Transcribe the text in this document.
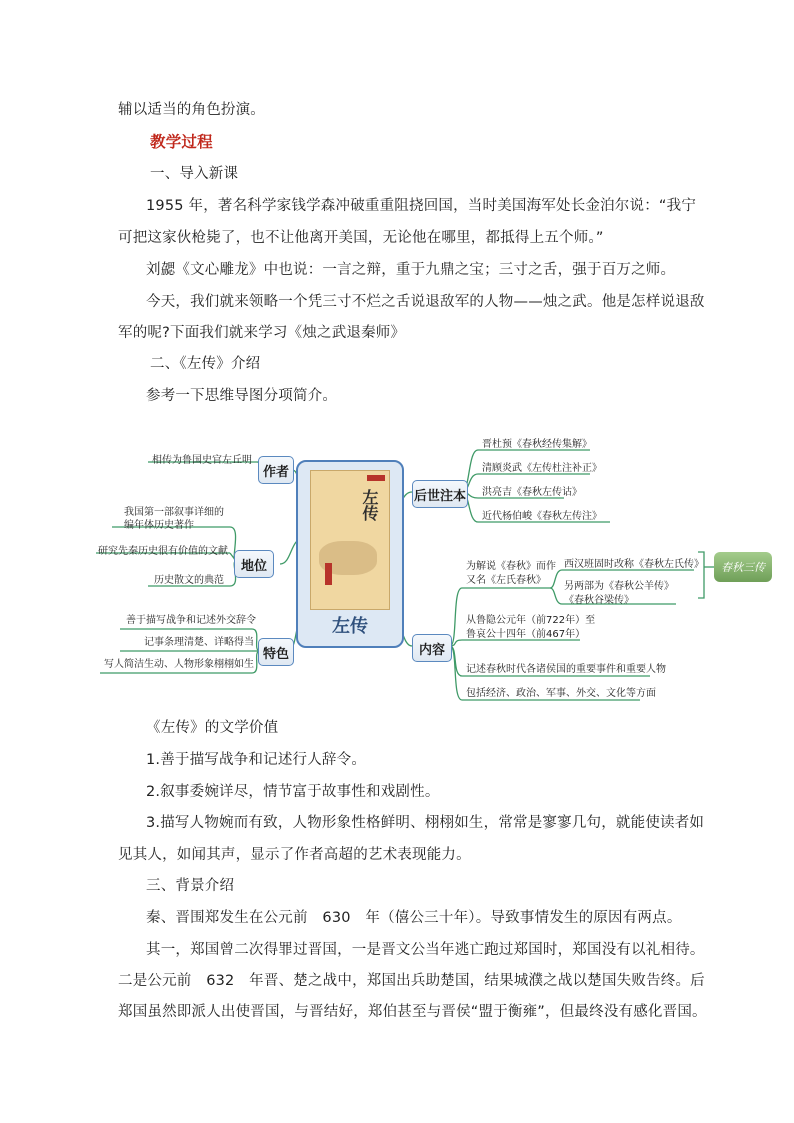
辅以适当的角色扮演。
教学过程
一、导入新课
1955 年，著名科学家钱学森冲破重重阻挠回国，当时美国海军处长金泊尔说：“我宁
可把这家伙枪毙了，也不让他离开美国，无论他在哪里，都抵得上五个师。”
刘勰《文心雕龙》中也说：一言之辩，重于九鼎之宝；三寸之舌，强于百万之师。
今天，我们就来领略一个凭三寸不烂之舌说退敌军的人物——烛之武。他是怎样说退敌
军的呢?下面我们就来学习《烛之武退秦师》
二、《左传》介绍
参考一下思维导图分项简介。
相传为鲁国史官左丘明
作者
我国第一部叙事详细的
编年体历史著作
研究先秦历史很有价值的文献
历史散文的典范
地位
善于描写战争和记述外交辞令
记事条理清楚、详略得当
写人简洁生动、人物形象栩栩如生
特色
左传
左传
后世注本
晋杜预《春秋经传集解》
清顾炎武《左传杜注补正》
洪亮吉《春秋左传诂》
近代杨伯峻《春秋左传注》
内容
为解说《春秋》而作
又名《左氏春秋》
西汉班固时改称《春秋左氏传》
另两部为《春秋公羊传》
《春秋谷梁传》
春秋三传
从鲁隐公元年（前722年）至
鲁哀公十四年（前467年）
记述春秋时代各诸侯国的重要事件和重要人物
包括经济、政治、军事、外交、文化等方面
《左传》的文学价值
1.善于描写战争和记述行人辞令。
2.叙事委婉详尽，情节富于故事性和戏剧性。
3.描写人物婉而有致，人物形象性格鲜明、栩栩如生，常常是寥寥几句，就能使读者如
见其人，如闻其声，显示了作者高超的艺术表现能力。
三、背景介绍
秦、晋围郑发生在公元前　630　年（僖公三十年）。导致事情发生的原因有两点。
其一，郑国曾二次得罪过晋国，一是晋文公当年逃亡跑过郑国时，郑国没有以礼相待。
二是公元前　632　年晋、楚之战中，郑国出兵助楚国，结果城濮之战以楚国失败告终。后
郑国虽然即派人出使晋国，与晋结好，郑伯甚至与晋侯“盟于衡雍”，但最终没有感化晋国。
